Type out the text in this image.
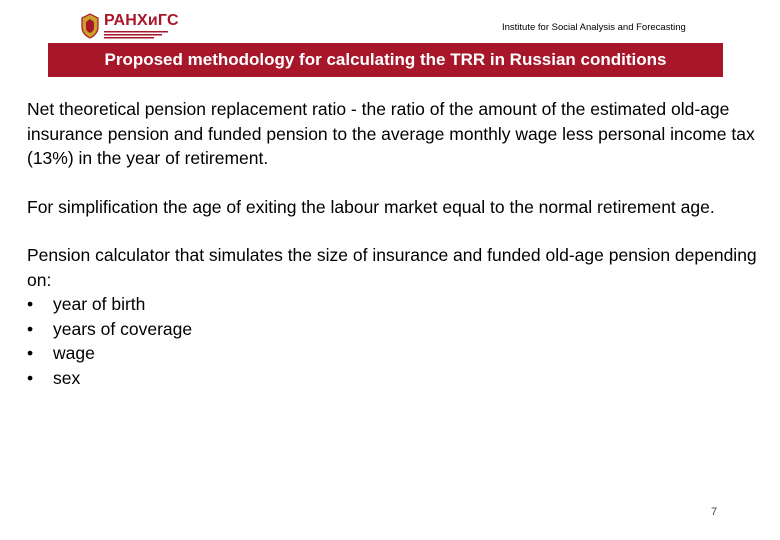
РАНХиГС	Institute for Social Analysis and Forecasting
Proposed methodology for calculating the TRR in Russian conditions

Net theoretical pension replacement ratio - the ratio of the amount of the estimated old-age insurance pension and funded pension to the average monthly wage less personal income tax (13%) in the year of retirement.

For simplification the age of exiting the labour market equal to the normal retirement age.

Pension calculator that simulates the size of insurance and funded old-age pension depending on:

•	year of birth
•	years of coverage
•	wage
•	sex
7
